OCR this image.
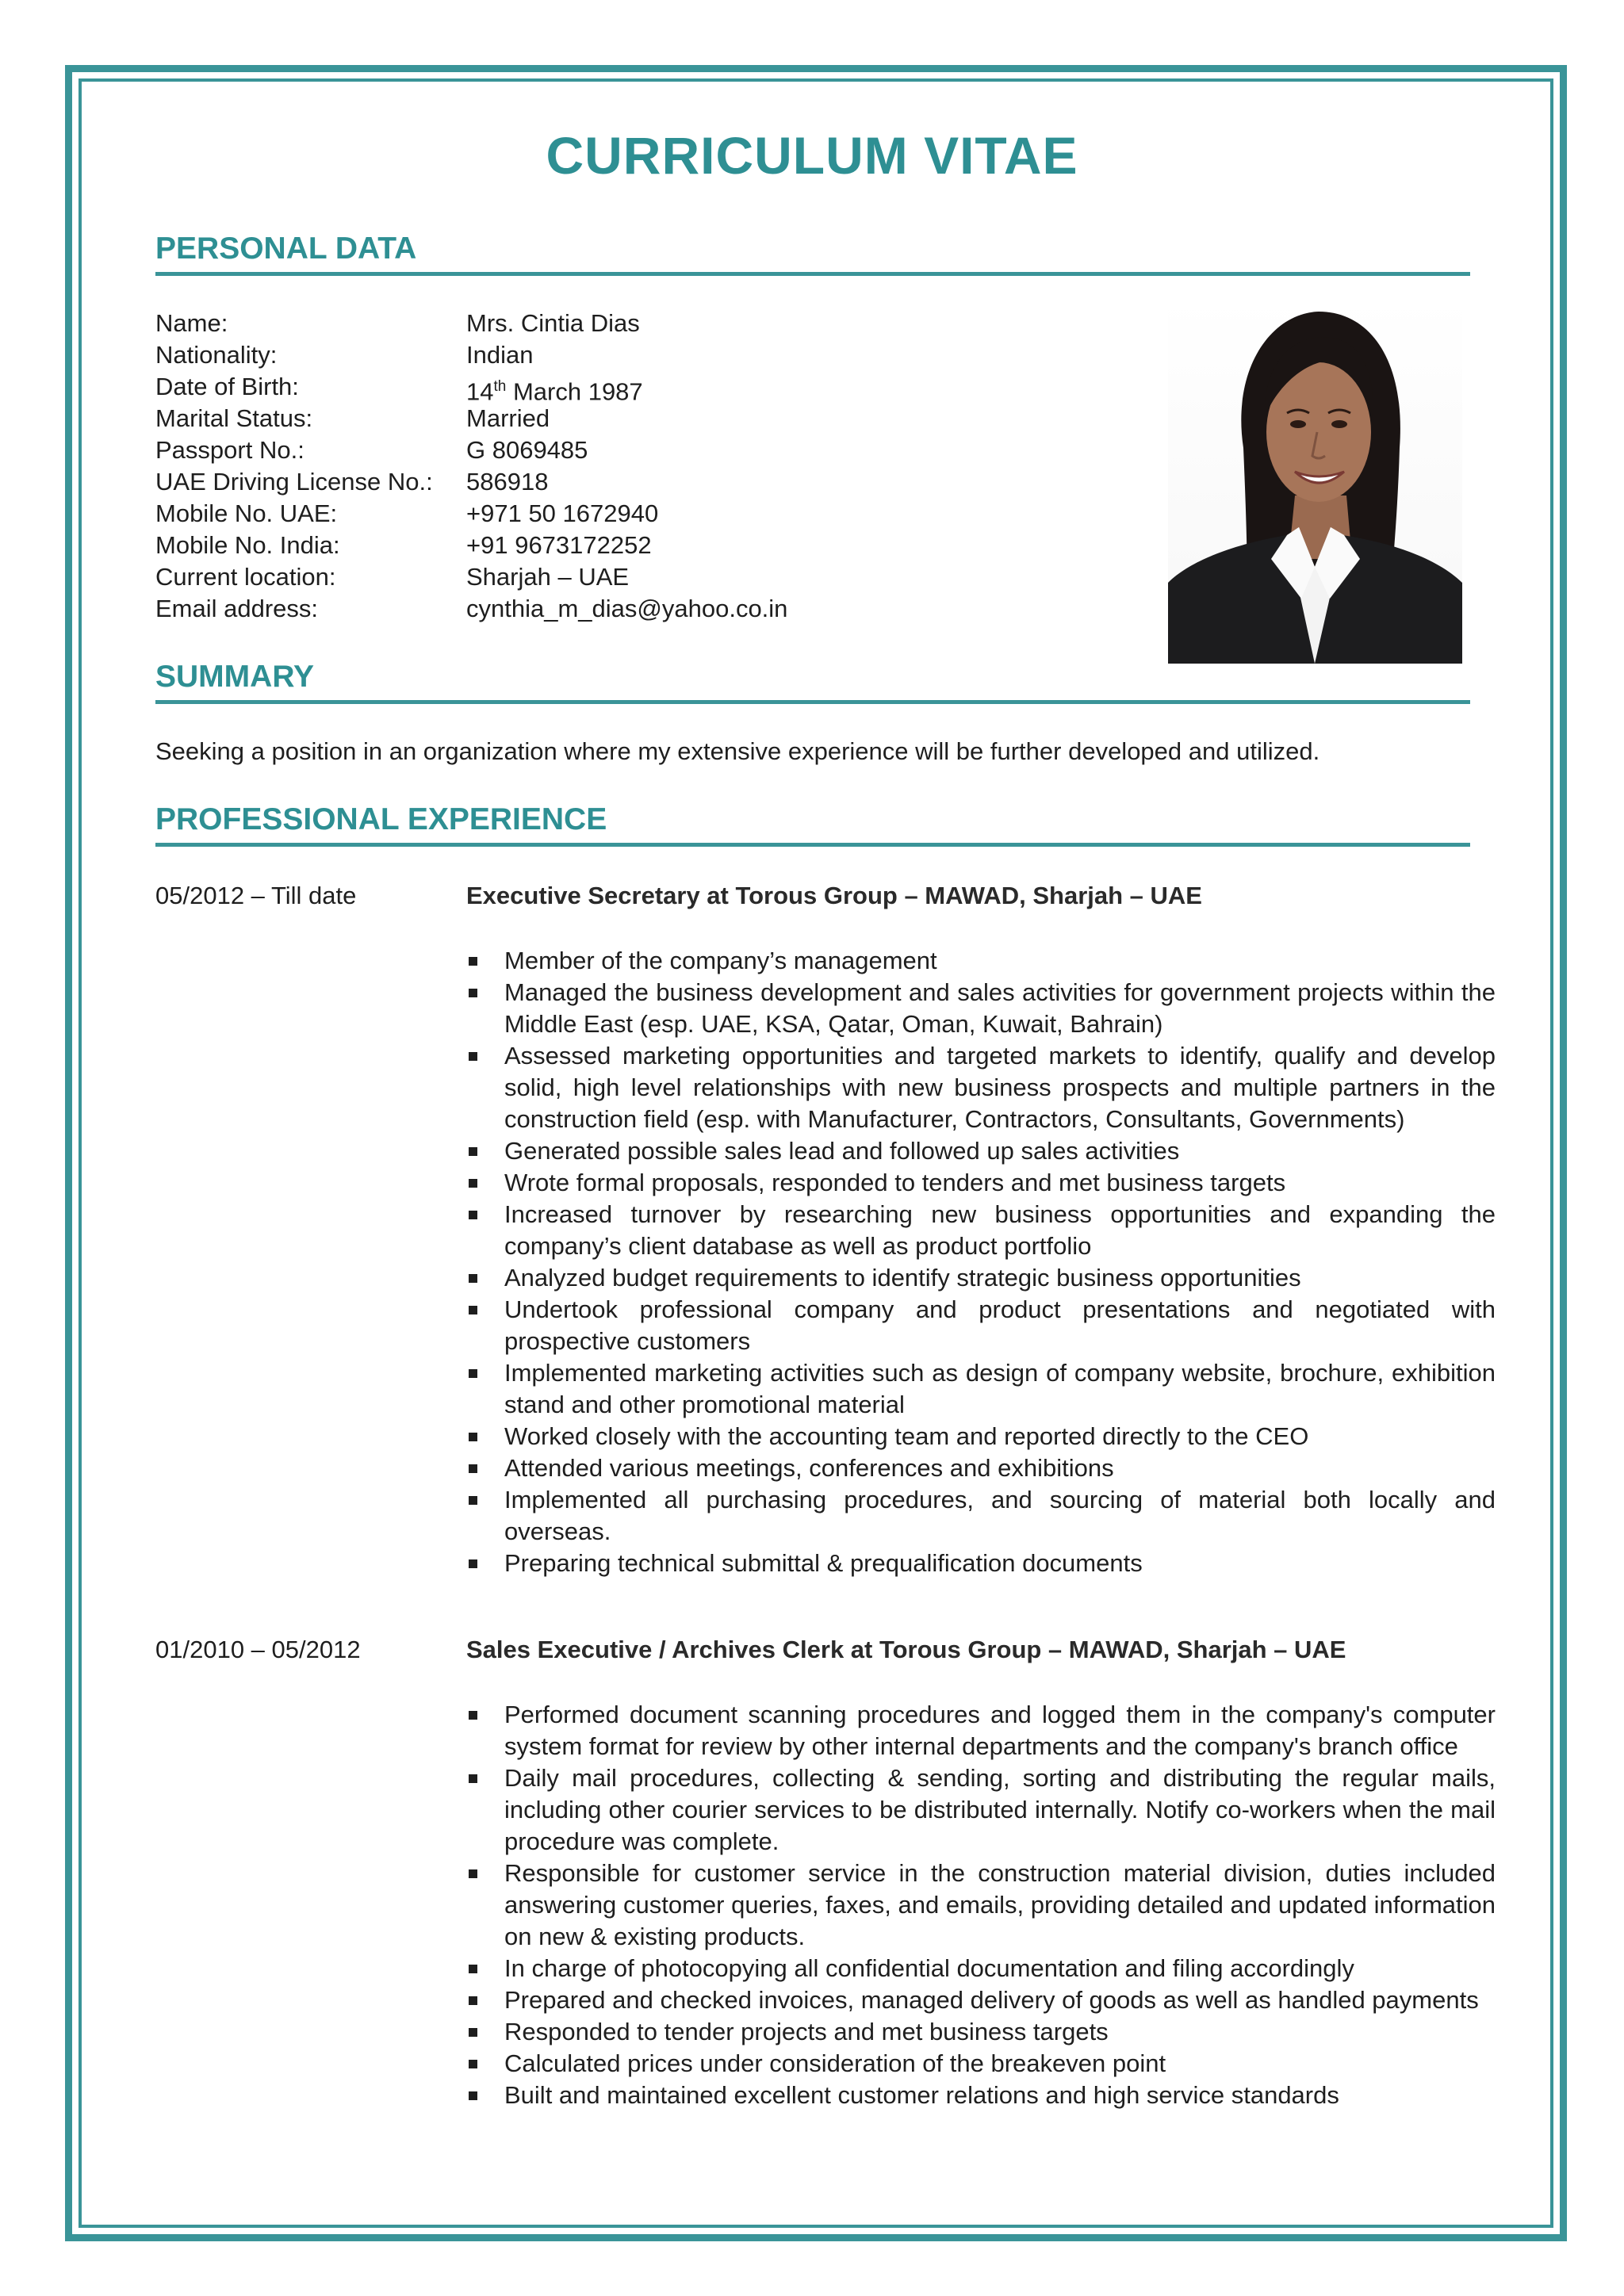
CURRICULUM VITAE
PERSONAL DATA
Name:	Mrs. Cintia Dias
Nationality:	Indian
Date of Birth:	14th March 1987
Marital Status:	Married
Passport No.:	G 8069485
UAE Driving License No.: 586918
Mobile No. UAE:	+971 50 1672940
Mobile No. India:	+91 9673172252
Current location:	Sharjah – UAE
Email address:	cynthia_m_dias@yahoo.co.in
SUMMARY
Seeking a position in an organization where my extensive experience will be further developed and utilized.
PROFESSIONAL EXPERIENCE
05/2012 – Till date	Executive Secretary at Torous Group – MAWAD, Sharjah – UAE
Member of the company’s management
Managed the business development and sales activities for government projects within the Middle East (esp. UAE, KSA, Qatar, Oman, Kuwait, Bahrain)
Assessed marketing opportunities and targeted markets to identify, qualify and develop solid, high level relationships with new business prospects and multiple partners in the construction field (esp. with Manufacturer, Contractors, Consultants, Governments)
Generated possible sales lead and followed up sales activities
Wrote formal proposals, responded to tenders and met business targets
Increased turnover by researching new business opportunities and expanding the company’s client database as well as product portfolio
Analyzed budget requirements to identify strategic business opportunities
Undertook professional company and product presentations and negotiated with prospective customers
Implemented marketing activities such as design of company website, brochure, exhibition stand and other promotional material
Worked closely with the accounting team and reported directly to the CEO
Attended various meetings, conferences and exhibitions
Implemented all purchasing procedures, and sourcing of material both locally and overseas.
Preparing technical submittal & prequalification documents
01/2010 – 05/2012	Sales Executive / Archives Clerk at Torous Group – MAWAD, Sharjah – UAE
Performed document scanning procedures and logged them in the company's computer system format for review by other internal departments and the company's branch office
Daily mail procedures, collecting & sending, sorting and distributing the regular mails, including other courier services to be distributed internally. Notify co-workers when the mail procedure was complete.
Responsible for customer service in the construction material division, duties included answering customer queries, faxes, and emails, providing detailed and updated information on new & existing products.
In charge of photocopying all confidential documentation and filing accordingly
Prepared and checked invoices, managed delivery of goods as well as handled payments
Responded to tender projects and met business targets
Calculated prices under consideration of the breakeven point
Built and maintained excellent customer relations and high service standards
